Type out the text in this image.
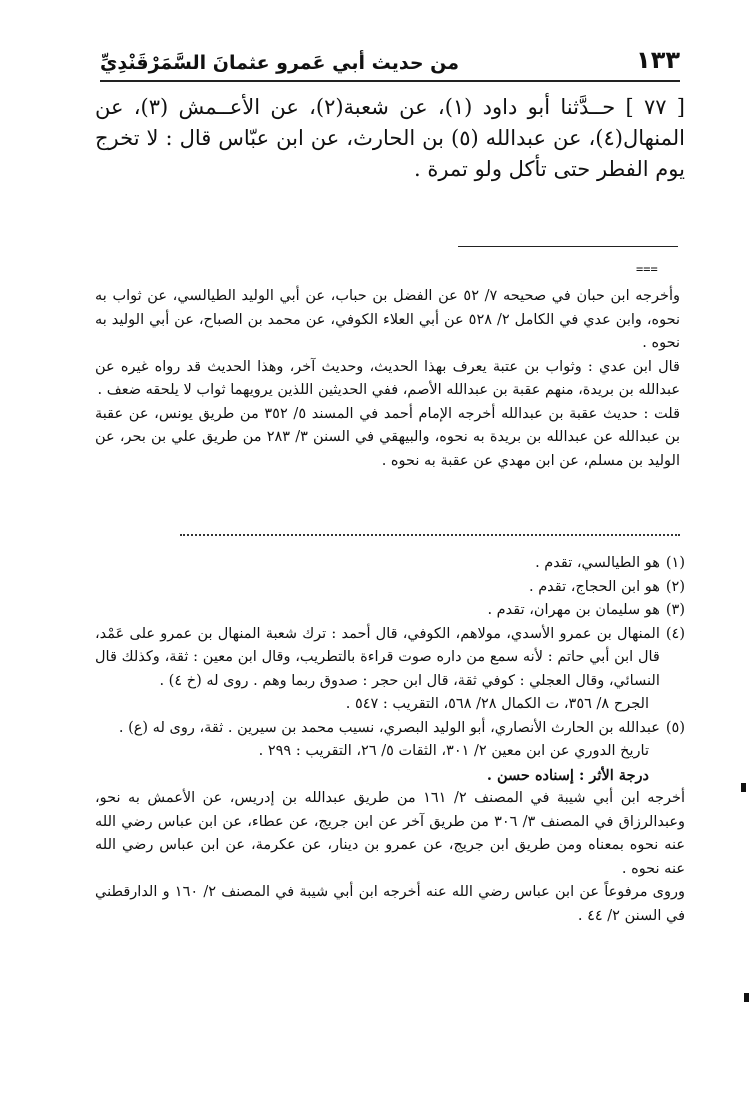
١٣٣
من حديث أبي عَمرو عثمانَ السَّمَرْقَنْدِيِّ

[ ٧٧ ] حــدَّثنا أبو داود (١)، عن شعبة(٢)، عن الأعــمش (٣)، عن المنهال(٤)، عن عبدالله (٥) بن الحارث، عن ابن عبّاس قال : لا تخرج يوم الفطر حتى تأكل ولو تمرة .

===

وأخرجه ابن حبان في صحيحه ٧/ ٥٢ عن الفضل بن حباب، عن أبي الوليد الطيالسي، عن ثواب به نحوه، وابن عدي في الكامل ٢/ ٥٢٨ عن أبي العلاء الكوفي، عن محمد بن الصباح، عن أبي الوليد به نحوه .

قال ابن عدي : وثواب بن عتبة يعرف بهذا الحديث، وحديث آخر، وهذا الحديث قد رواه غيره عن عبدالله بن بريدة، منهم عقبة بن عبدالله الأصم، ففي الحديثين اللذين يرويهما ثواب لا يلحقه ضعف .

قلت : حديث عقبة بن عبدالله أخرجه الإمام أحمد في المسند ٥/ ٣٥٢ من طريق يونس، عن عقبة بن عبدالله عن عبدالله بن بريدة به نحوه، والبيهقي في السنن ٣/ ٢٨٣ من طريق علي بن بحر، عن الوليد بن مسلم، عن ابن مهدي عن عقبة به نحوه .

(١)
هو الطيالسي، تقدم .
(٢)
هو ابن الحجاج، تقدم .
(٣)
هو سليمان بن مهران، تقدم .
(٤)
المنهال بن عمرو الأسدي، مولاهم، الكوفي، قال أحمد : ترك شعبة المنهال بن عمرو على عَمْد، قال ابن أبي حاتم : لأنه سمع من داره صوت قراءة بالتطريب، وقال ابن معين : ثقة، وكذلك قال النسائي، وقال العجلي : كوفي ثقة، قال ابن حجر : صدوق ربما وهم . روى له (خ ٤) .

الجرح ٨/ ٣٥٦، ت الكمال ٢٨/ ٥٦٨، التقريب : ٥٤٧ .

(٥)
عبدالله بن الحارث الأنصاري، أبو الوليد البصري، نسيب محمد بن سيرين . ثقة، روى له (ع) .

تاريخ الدوري عن ابن معين ٢/ ٣٠١، الثقات ٥/ ٢٦، التقريب : ٢٩٩ .

درجة الأثر : إسناده حسن .

أخرجه ابن أبي شيبة في المصنف ٢/ ١٦١ من طريق عبدالله بن إدريس، عن الأعمش به نحو، وعبدالرزاق في المصنف ٣/ ٣٠٦ من طريق آخر عن ابن جريج، عن عطاء، عن ابن عباس رضي الله عنه نحوه بمعناه ومن طريق ابن جريج، عن عمرو بن دينار، عن عكرمة، عن ابن عباس رضي الله عنه نحوه .

وروى مرفوعاً عن ابن عباس رضي الله عنه أخرجه ابن أبي شيبة في المصنف ٢/ ١٦٠ و الدارقطني في السنن ٢/ ٤٤ .
